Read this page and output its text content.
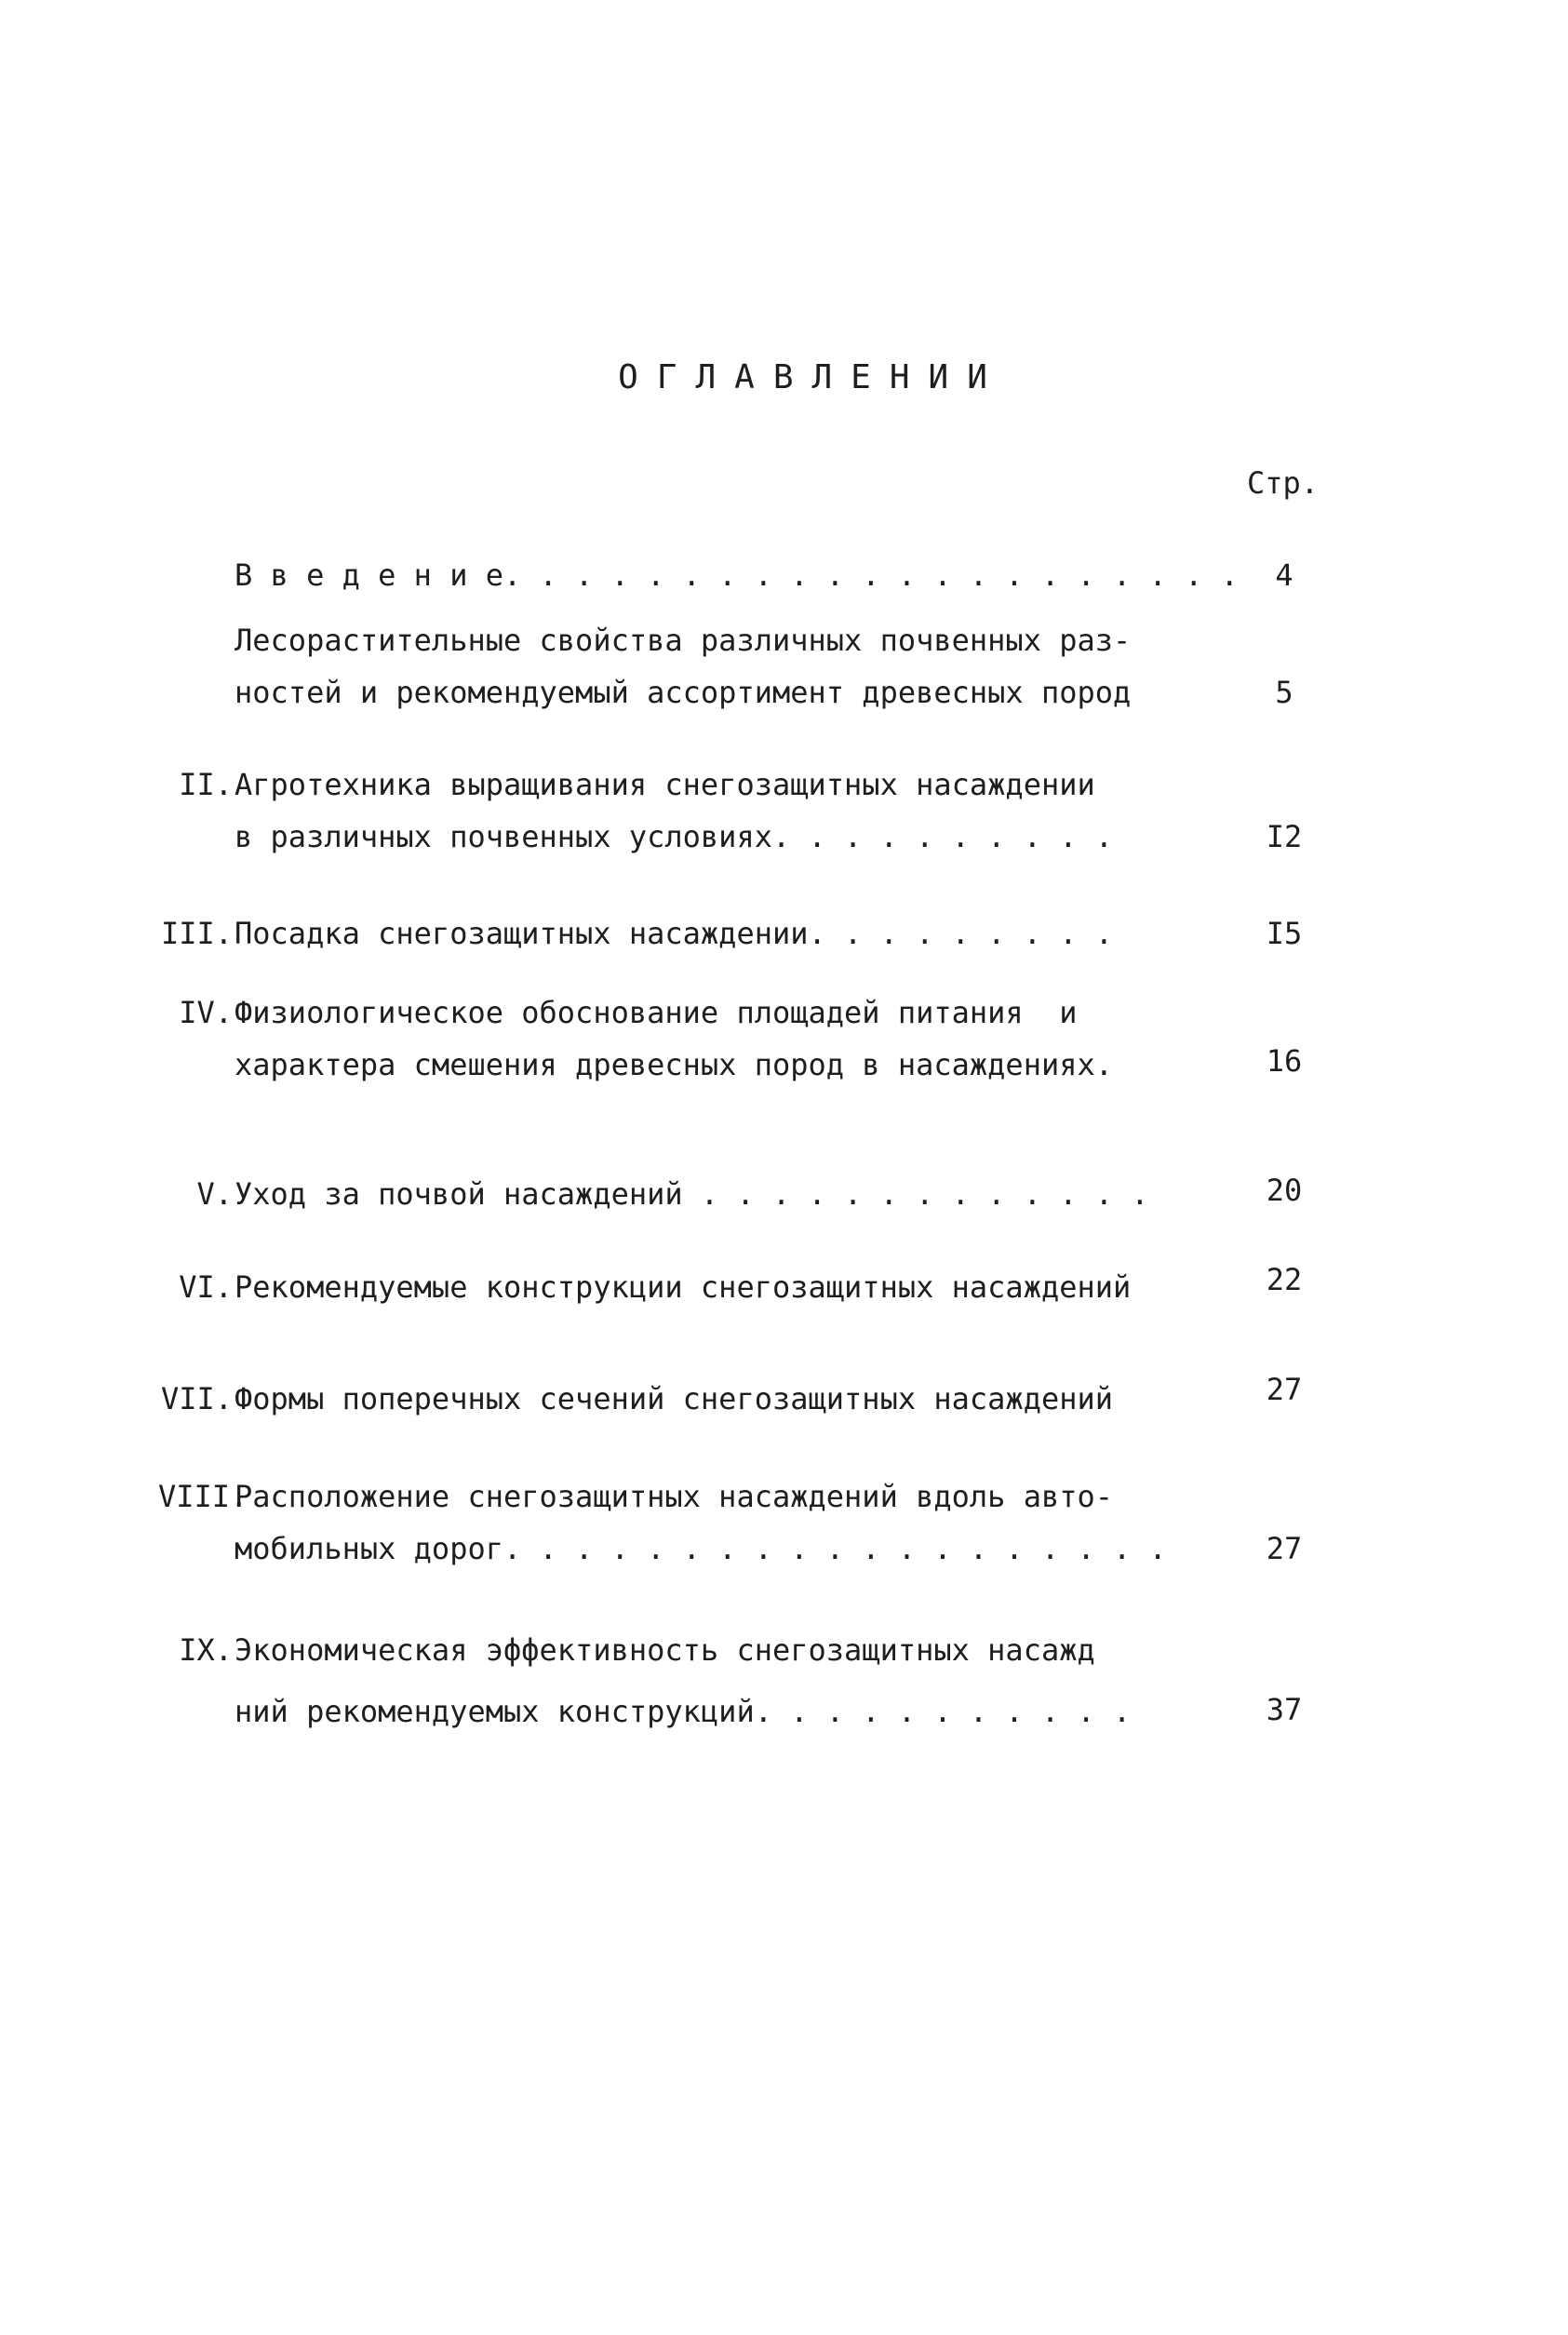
ОГЛАВЛЕНИИ
Стр.
В в е д е н и е. . . . . . . . . . . . . . . . . . . . .	4
Лесорастительные свойства различных почвенных раз-
ностей и рекомендуемый ассортимент древесных пород	5
II. Агротехника выращивания снегозащитных насаждении
в различных почвенных условиях. . . . . . . . . .	I2
III. Посадка снегозащитных насаждении. . . . . . . . .	I5
IV. Физиологическое обоснование площадей питания  и
характера смешения древесных пород в насаждениях.	16
V. Уход за почвой насаждений . . . . . . . . . . . . .	20
VI. Рекомендуемые конструкции снегозащитных насаждений	22
VII. Формы поперечных сечений снегозащитных насаждений	27
VIII.
Расположение снегозащитных насаждений вдоль авто-
мобильных дорог. . . . . . . . . . . . . . . . . . .	27
IX. Экономическая эффективность снегозащитных насажд
ний рекомендуемых конструкций. . . . . . . . . . .	37
